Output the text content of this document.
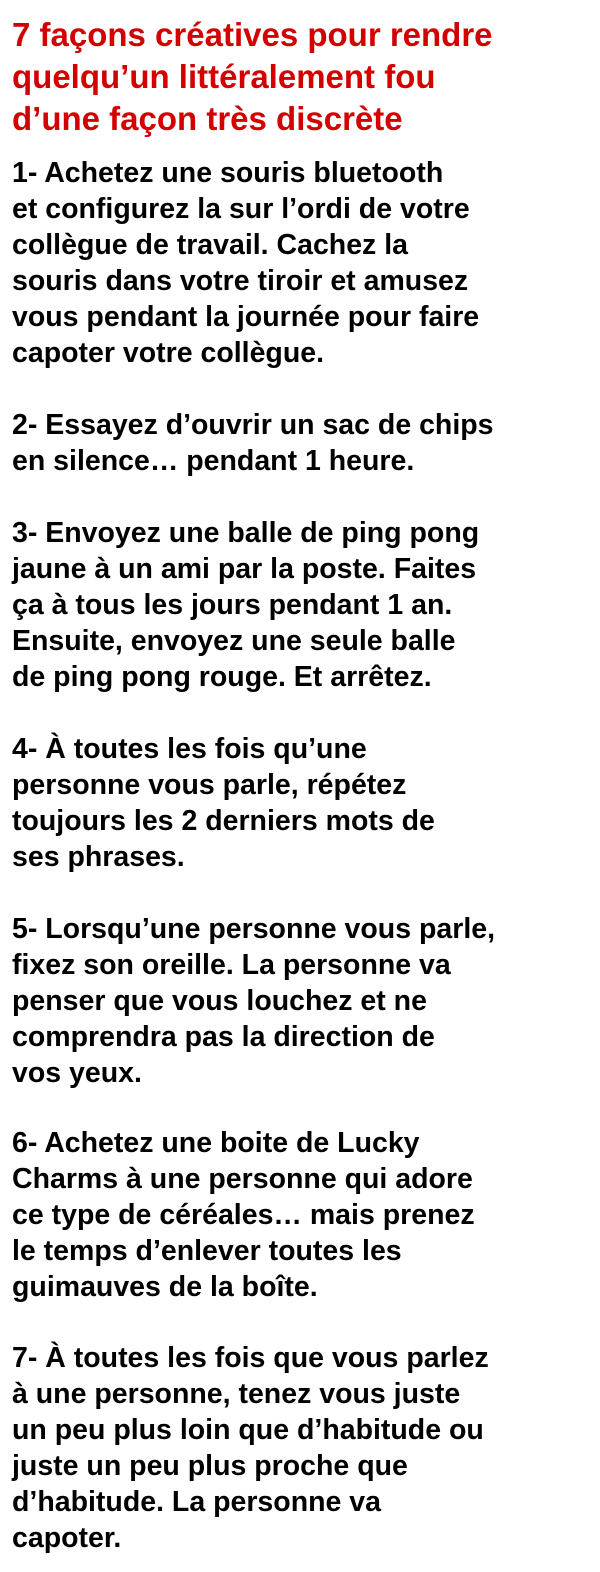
7 façons créatives pour rendre
quelqu’un littéralement fou
d’une façon très discrète

1- Achetez une souris bluetooth
et configurez la sur l’ordi de votre
collègue de travail. Cachez la
souris dans votre tiroir et amusez
vous pendant la journée pour faire
capoter votre collègue.

2- Essayez d’ouvrir un sac de chips
en silence… pendant 1 heure.

3- Envoyez une balle de ping pong
jaune à un ami par la poste. Faites
ça à tous les jours pendant 1 an.
Ensuite, envoyez une seule balle
de ping pong rouge. Et arrêtez.

4- À toutes les fois qu’une
personne vous parle, répétez
toujours les 2 derniers mots de
ses phrases.

5- Lorsqu’une personne vous parle,
fixez son oreille. La personne va
penser que vous louchez et ne
comprendra pas la direction de
vos yeux.

6- Achetez une boite de Lucky
Charms à une personne qui adore
ce type de céréales… mais prenez
le temps d’enlever toutes les
guimauves de la boîte.

7- À toutes les fois que vous parlez
à une personne, tenez vous juste
un peu plus loin que d’habitude ou
juste un peu plus proche que
d’habitude. La personne va
capoter.
